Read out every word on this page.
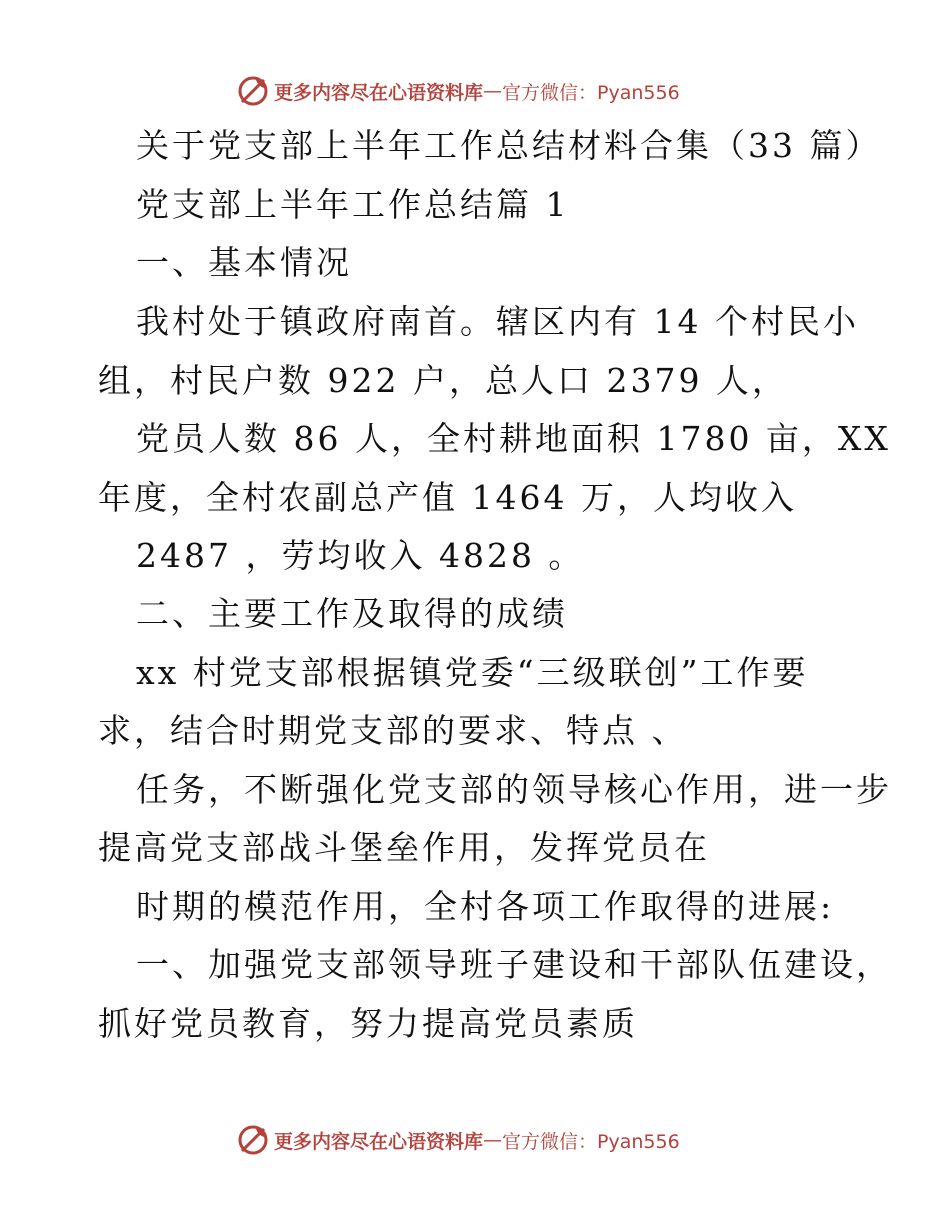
更多内容尽在心语资料库 — 官方微信：Pyan556
关于党支部上半年工作总结材料合集（33 篇）
党支部上半年工作总结篇 1
一、基本情况
我村处于镇政府南首。辖区内有 14 个村民小
组，村民户数 922 户，总人口 2379 人，
党员人数 86 人，全村耕地面积 1780 亩，XX
年度，全村农副总产值 1464 万，人均收入
2487 ，劳均收入 4828 。
二、主要工作及取得的成绩
xx 村党支部根据镇党委“三级联创”工作要
求，结合时期党支部的要求、特点 、
任务，不断强化党支部的领导核心作用，进一步
提高党支部战斗堡垒作用，发挥党员在
时期的模范作用，全村各项工作取得的进展:
一、加强党支部领导班子建设和干部队伍建设，
抓好党员教育，努力提高党员素质
更多内容尽在心语资料库 — 官方微信：Pyan556
